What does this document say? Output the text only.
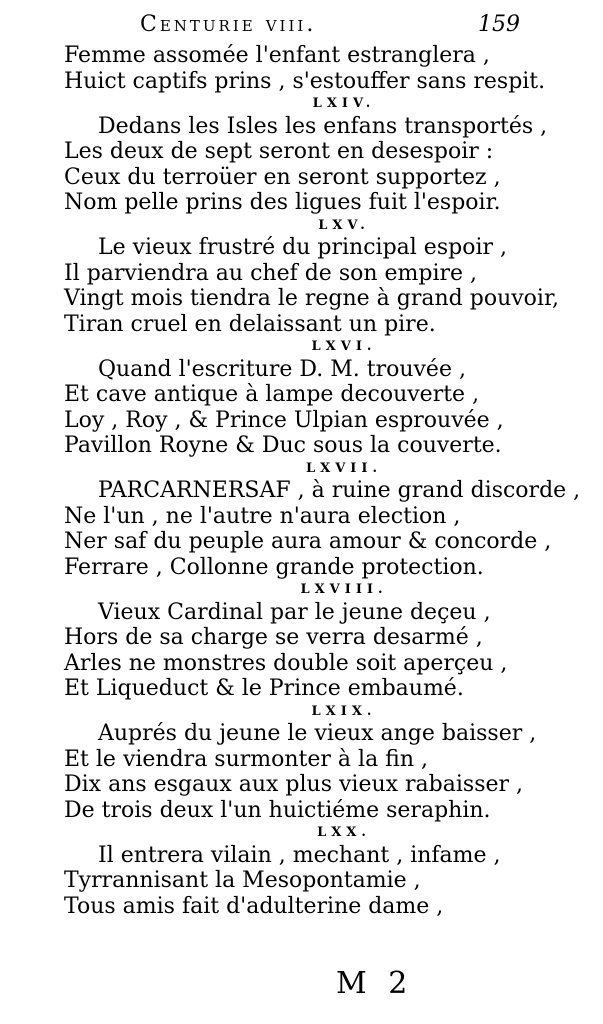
Centurie viii.	159
Femme assomée l'enfant estranglera ,
Huict captifs prins , s'estouffer sans respit.
LXIV.
Dedans les Isles les enfans transportés ,
Les deux de sept seront en desespoir :
Ceux du terroüer en seront supportez ,
Nom pelle prins des ligues fuit l'espoir.
LXV.
Le vieux frustré du principal espoir ,
Il parviendra au chef de son empire ,
Vingt mois tiendra le regne à grand pouvoir,
Tiran cruel en delaissant un pire.
LXVI.
Quand l'escriture D. M. trouvée ,
Et cave antique à lampe decouverte ,
Loy , Roy , & Prince Ulpian esprouvée ,
Pavillon Royne & Duc sous la couverte.
LXVII.
PARCARNERSAF , à ruine grand discorde ,
Ne l'un , ne l'autre n'aura election ,
Ner saf du peuple aura amour & concorde ,
Ferrare , Collonne grande protection.
LXVIII.
Vieux Cardinal par le jeune deçeu ,
Hors de sa charge se verra desarmé ,
Arles ne monstres double soit aperçeu ,
Et Liqueduct & le Prince embaumé.
LXIX.
Auprés du jeune le vieux ange baisser ,
Et le viendra surmonter à la fin ,
Dix ans esgaux aux plus vieux rabaisser ,
De trois deux l'un huictiéme seraphin.
LXX.
Il entrera vilain , mechant , infame ,
Tyrrannisant la Mesopontamie ,
Tous amis fait d'adulterine dame ,
M 2
